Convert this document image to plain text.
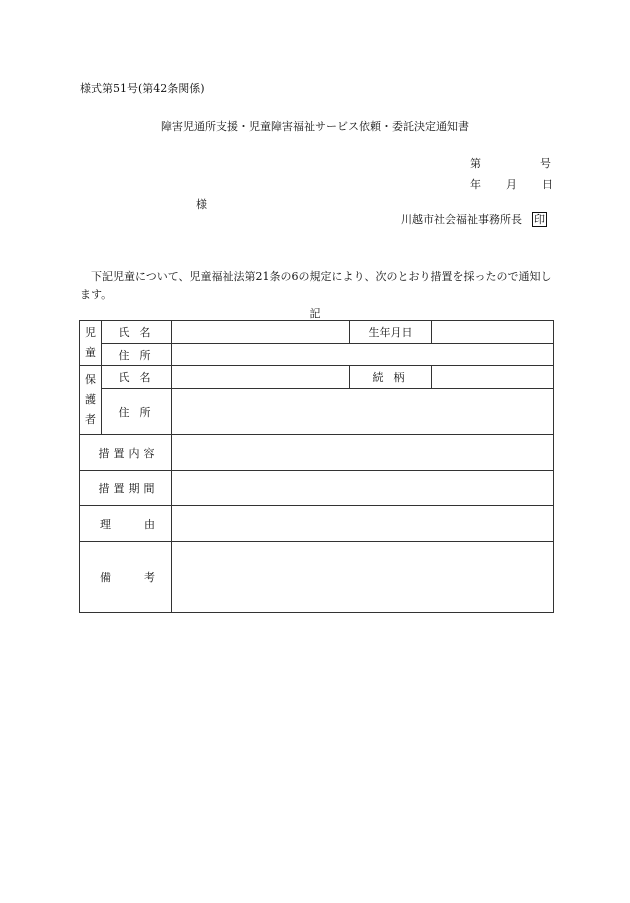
様式第51号(第42条関係)
障害児通所支援・児童障害福祉サービス依頼・委託決定通知書
第	号
年 月 日
様
川越市社会福祉事務所長 印
下記児童について、児童福祉法第21条の6の規定により、次のとおり措置を採ったので通知します。
記
児
童	氏名		生年月日	
	住所			
保
護
者	氏名		続柄	
	住所			
措置内容				
措置期間				

理 由				

備 考				
